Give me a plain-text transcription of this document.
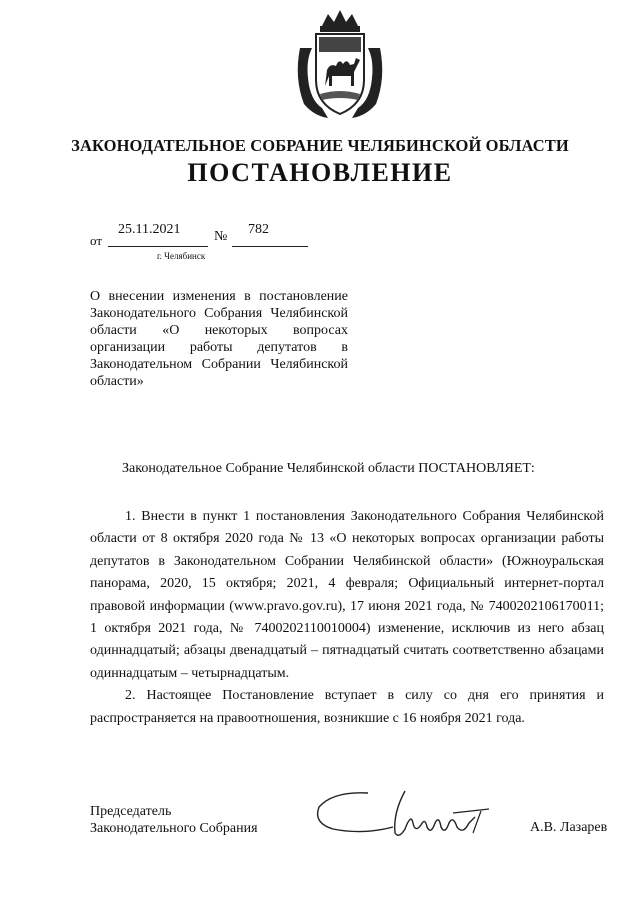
ЗАКОНОДАТЕЛЬНОЕ СОБРАНИЕ ЧЕЛЯБИНСКОЙ ОБЛАСТИ
ПОСТАНОВЛЕНИЕ
от
25.11.2021 № 782
г. Челябинск
О внесении изменения в постановление Законодательного Собрания Челябинской области «О некоторых вопросах организации работы депутатов в Законодательном Собрании Челябинской области»
Законодательное Собрание Челябинской области ПОСТАНОВЛЯЕТ:

1. Внести в пункт 1 постановления Законодательного Собрания Челябинской области от 8 октября 2020 года № 13 «О некоторых вопросах организации работы депутатов в Законодательном Собрании Челябинской области» (Южноуральская панорама, 2020, 15 октября; 2021, 4 февраля; Официальный интернет-портал правовой информации (www.pravo.gov.ru), 17 июня 2021 года, № 7400202106170011; 1 октября 2021 года, № 7400202110010004) изменение, исключив из него абзац одиннадцатый; абзацы двенадцатый – пятнадцатый считать соответственно абзацами одиннадцатым – четырнадцатым.

2. Настоящее Постановление вступает в силу со дня его принятия и распространяется на правоотношения, возникшие с 16 ноября 2021 года.

Председатель
Законодательного Собрания	А.В. Лазарев
